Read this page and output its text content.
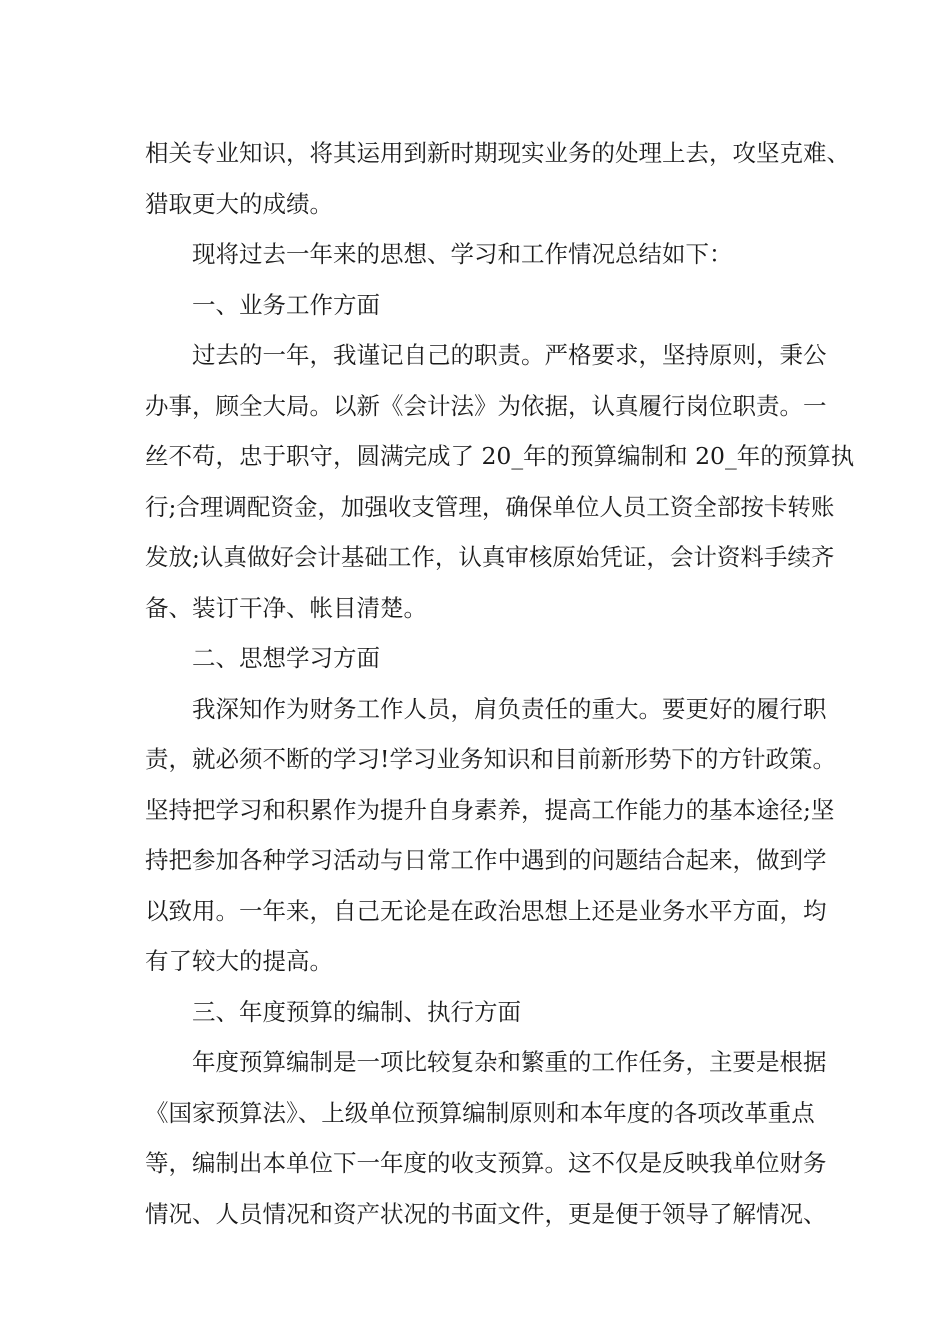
相关专业知识，将其运用到新时期现实业务的处理上去，攻坚克难、
猎取更大的成绩。
现将过去一年来的思想、学习和工作情况总结如下：
一、业务工作方面
过去的一年，我谨记自己的职责。严格要求，坚持原则，秉公
办事，顾全大局。以新《会计法》为依据，认真履行岗位职责。一
丝不苟，忠于职守，圆满完成了 20_年的预算编制和 20_年的预算执
行;合理调配资金，加强收支管理，确保单位人员工资全部按卡转账
发放;认真做好会计基础工作，认真审核原始凭证，会计资料手续齐
备、装订干净、帐目清楚。
二、思想学习方面
我深知作为财务工作人员，肩负责任的重大。要更好的履行职
责，就必须不断的学习!学习业务知识和目前新形势下的方针政策。
坚持把学习和积累作为提升自身素养，提高工作能力的基本途径;坚
持把参加各种学习活动与日常工作中遇到的问题结合起来，做到学
以致用。一年来，自己无论是在政治思想上还是业务水平方面，均
有了较大的提高。
三、年度预算的编制、执行方面
年度预算编制是一项比较复杂和繁重的工作任务，主要是根据
《国家预算法》、上级单位预算编制原则和本年度的各项改革重点
等，编制出本单位下一年度的收支预算。这不仅是反映我单位财务
情况、人员情况和资产状况的书面文件，更是便于领导了解情况、
